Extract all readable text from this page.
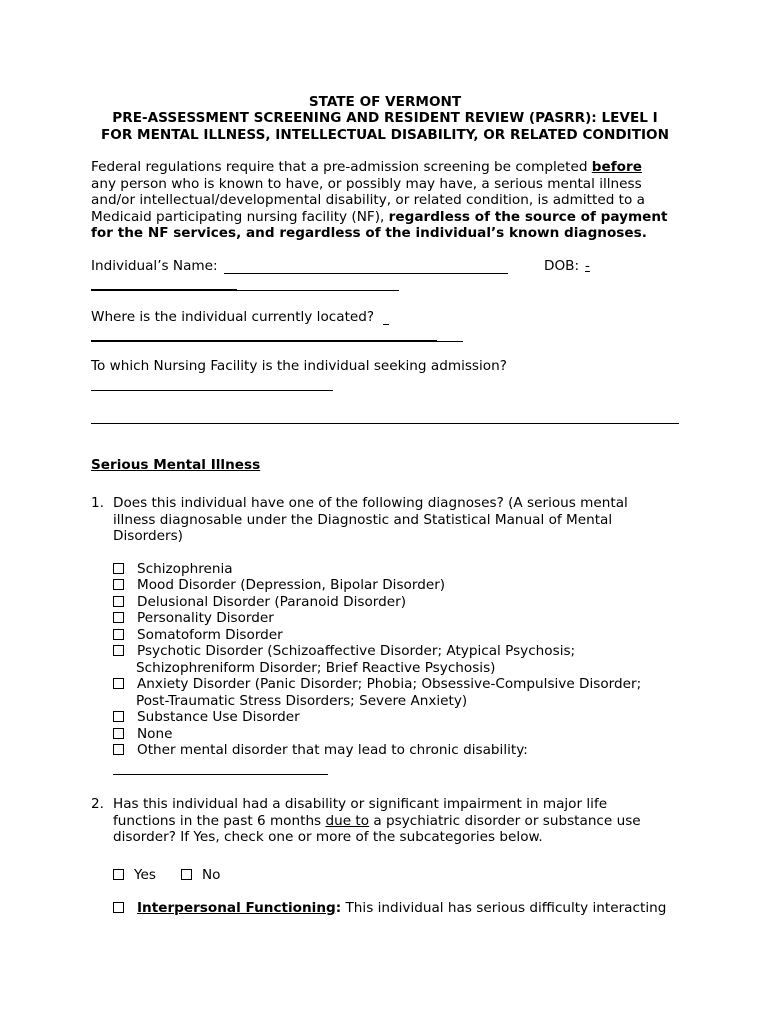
STATE OF VERMONT
PRE-ASSESSMENT SCREENING AND RESIDENT REVIEW (PASRR): LEVEL I
FOR MENTAL ILLNESS, INTELLECTUAL DISABILITY, OR RELATED CONDITION
Federal regulations require that a pre-admission screening be completed before
any person who is known to have, or possibly may have, a serious mental illness
and/or intellectual/developmental disability, or related condition, is admitted to a
Medicaid participating nursing facility (NF), regardless of the source of payment
for the NF services, and regardless of the individual’s known diagnoses.
Individual’s Name:	DOB: -
Where is the individual currently located?
To which Nursing Facility is the individual seeking admission?
Serious Mental Illness
1. Does this individual have one of the following diagnoses? (A serious mental
illness diagnosable under the Diagnostic and Statistical Manual of Mental
Disorders)
Schizophrenia
Mood Disorder (Depression, Bipolar Disorder)
Delusional Disorder (Paranoid Disorder)
Personality Disorder
Somatoform Disorder
Psychotic Disorder (Schizoaffective Disorder; Atypical Psychosis;
Schizophreniform Disorder; Brief Reactive Psychosis)
Anxiety Disorder (Panic Disorder; Phobia; Obsessive-Compulsive Disorder;
Post-Traumatic Stress Disorders; Severe Anxiety)
Substance Use Disorder
None
Other mental disorder that may lead to chronic disability:
2. Has this individual had a disability or significant impairment in major life
functions in the past 6 months due to a psychiatric disorder or substance use
disorder? If Yes, check one or more of the subcategories below.
Yes	No
Interpersonal Functioning: This individual has serious difficulty interacting
